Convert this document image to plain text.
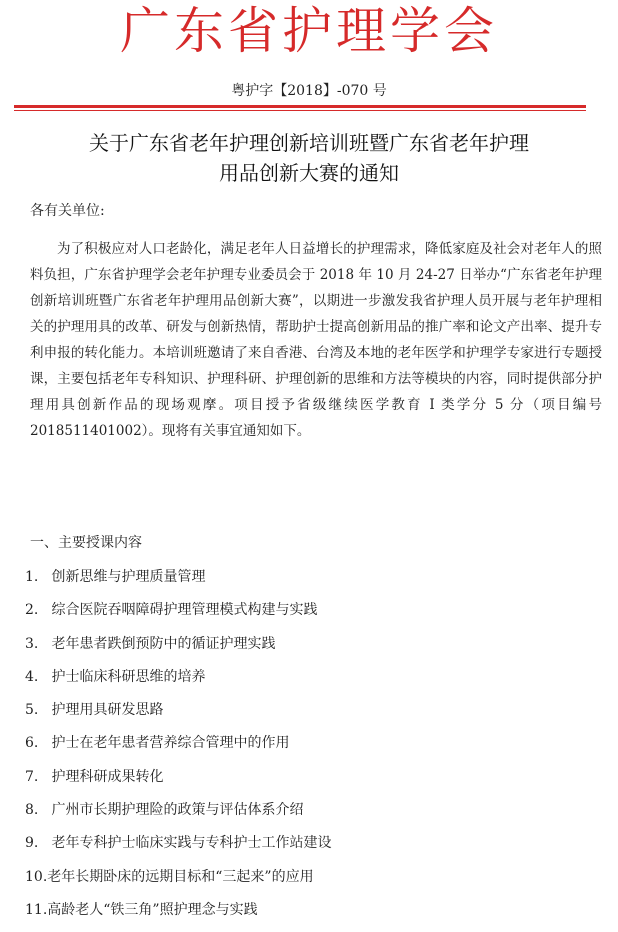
广东省护理学会
粤护字【2018】-070 号
关于广东省老年护理创新培训班暨广东省老年护理
用品创新大赛的通知
各有关单位:
为了积极应对人口老龄化，满足老年人日益增长的护理需求，降低家庭及社会对老年人的照料负担，广东省护理学会老年护理专业委员会于 2018 年 10 月 24-27 日举办“广东省老年护理创新培训班暨广东省老年护理用品创新大赛”，以期进一步激发我省护理人员开展与老年护理相关的护理用具的改革、研发与创新热情，帮助护士提高创新用品的推广率和论文产出率、提升专利申报的转化能力。本培训班邀请了来自香港、台湾及本地的老年医学和护理学专家进行专题授课，主要包括老年专科知识、护理科研、护理创新的思维和方法等模块的内容，同时提供部分护理用具创新作品的现场观摩。项目授予省级继续医学教育 I 类学分 5 分（项目编号 2018511401002）。现将有关事宜通知如下。
一、主要授课内容
1. 创新思维与护理质量管理
2. 综合医院吞咽障碍护理管理模式构建与实践
3. 老年患者跌倒预防中的循证护理实践
4. 护士临床科研思维的培养
5. 护理用具研发思路
6. 护士在老年患者营养综合管理中的作用
7. 护理科研成果转化
8. 广州市长期护理险的政策与评估体系介绍
9. 老年专科护士临床实践与专科护士工作站建设
10.老年长期卧床的远期目标和“三起来”的应用
11.高龄老人“铁三角”照护理念与实践
